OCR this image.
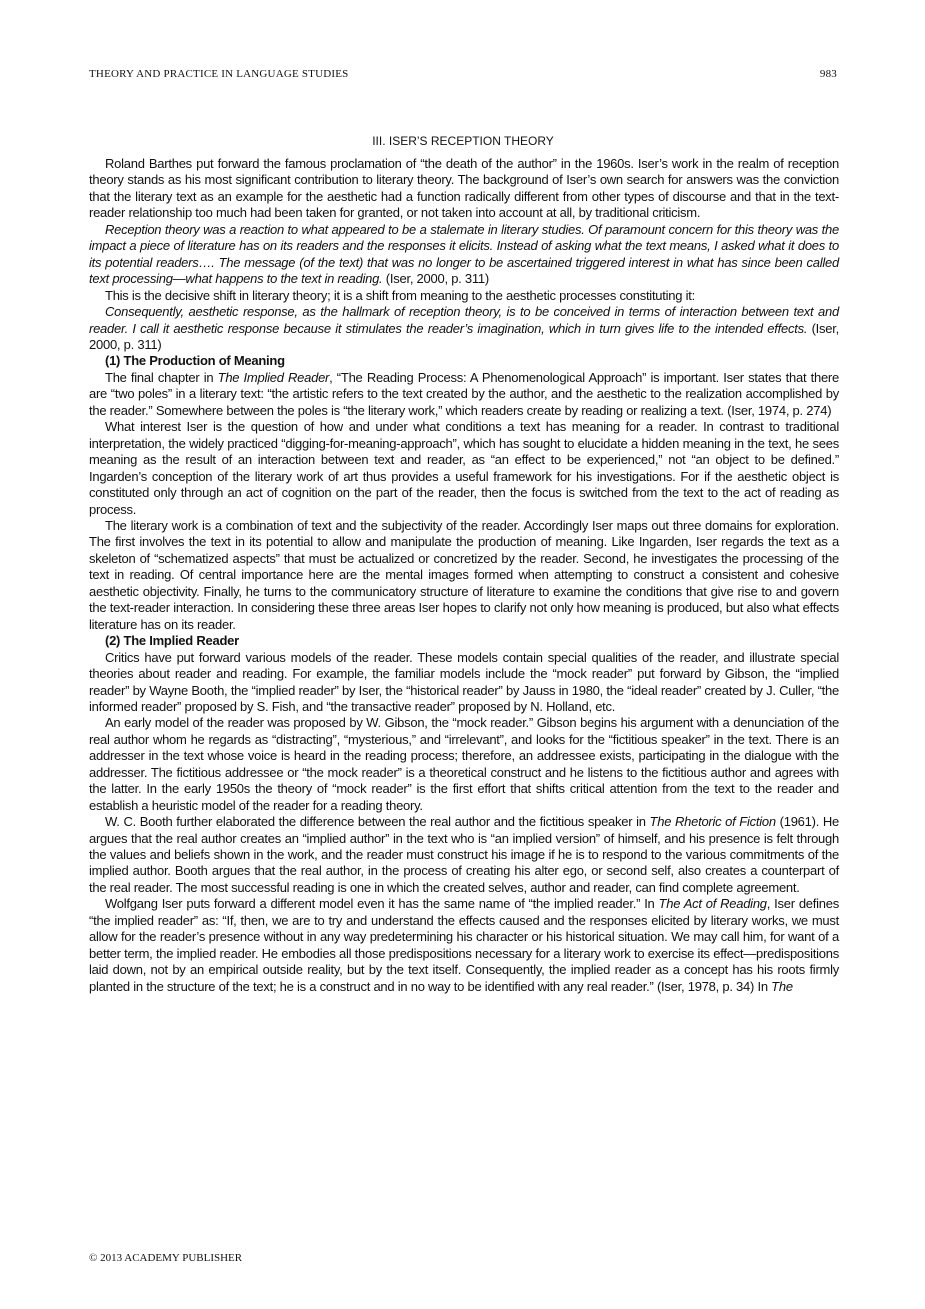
THEORY AND PRACTICE IN LANGUAGE STUDIES	983
III. ISER’S RECEPTION THEORY

Roland Barthes put forward the famous proclamation of “the death of the author” in the 1960s. Iser’s work in the realm of reception theory stands as his most significant contribution to literary theory. The background of Iser’s own search for answers was the conviction that the literary text as an example for the aesthetic had a function radically different from other types of discourse and that in the text-reader relationship too much had been taken for granted, or not taken into account at all, by traditional criticism.

Reception theory was a reaction to what appeared to be a stalemate in literary studies. Of paramount concern for this theory was the impact a piece of literature has on its readers and the responses it elicits. Instead of asking what the text means, I asked what it does to its potential readers…. The message (of the text) that was no longer to be ascertained triggered interest in what has since been called text processing—what happens to the text in reading. (Iser, 2000, p. 311)

This is the decisive shift in literary theory; it is a shift from meaning to the aesthetic processes constituting it:

Consequently, aesthetic response, as the hallmark of reception theory, is to be conceived in terms of interaction between text and reader. I call it aesthetic response because it stimulates the reader’s imagination, which in turn gives life to the intended effects. (Iser, 2000, p. 311)

(1) The Production of Meaning

The final chapter in The Implied Reader, “The Reading Process: A Phenomenological Approach” is important. Iser states that there are “two poles” in a literary text: “the artistic refers to the text created by the author, and the aesthetic to the realization accomplished by the reader.” Somewhere between the poles is “the literary work,” which readers create by reading or realizing a text. (Iser, 1974, p. 274)

What interest Iser is the question of how and under what conditions a text has meaning for a reader. In contrast to traditional interpretation, the widely practiced “digging-for-meaning-approach”, which has sought to elucidate a hidden meaning in the text, he sees meaning as the result of an interaction between text and reader, as “an effect to be experienced,” not “an object to be defined.” Ingarden’s conception of the literary work of art thus provides a useful framework for his investigations. For if the aesthetic object is constituted only through an act of cognition on the part of the reader, then the focus is switched from the text to the act of reading as process.

The literary work is a combination of text and the subjectivity of the reader. Accordingly Iser maps out three domains for exploration. The first involves the text in its potential to allow and manipulate the production of meaning. Like Ingarden, Iser regards the text as a skeleton of “schematized aspects” that must be actualized or concretized by the reader. Second, he investigates the processing of the text in reading. Of central importance here are the mental images formed when attempting to construct a consistent and cohesive aesthetic objectivity. Finally, he turns to the communicatory structure of literature to examine the conditions that give rise to and govern the text-reader interaction. In considering these three areas Iser hopes to clarify not only how meaning is produced, but also what effects literature has on its reader.

(2) The Implied Reader

Critics have put forward various models of the reader. These models contain special qualities of the reader, and illustrate special theories about reader and reading. For example, the familiar models include the “mock reader” put forward by Gibson, the “implied reader” by Wayne Booth, the “implied reader” by Iser, the “historical reader” by Jauss in 1980, the “ideal reader” created by J. Culler, “the informed reader” proposed by S. Fish, and “the transactive reader” proposed by N. Holland, etc.

An early model of the reader was proposed by W. Gibson, the “mock reader.” Gibson begins his argument with a denunciation of the real author whom he regards as “distracting”, “mysterious,” and “irrelevant”, and looks for the “fictitious speaker” in the text. There is an addresser in the text whose voice is heard in the reading process; therefore, an addressee exists, participating in the dialogue with the addresser. The fictitious addressee or “the mock reader” is a theoretical construct and he listens to the fictitious author and agrees with the latter. In the early 1950s the theory of “mock reader” is the first effort that shifts critical attention from the text to the reader and establish a heuristic model of the reader for a reading theory.

W. C. Booth further elaborated the difference between the real author and the fictitious speaker in The Rhetoric of Fiction (1961). He argues that the real author creates an “implied author” in the text who is “an implied version” of himself, and his presence is felt through the values and beliefs shown in the work, and the reader must construct his image if he is to respond to the various commitments of the implied author. Booth argues that the real author, in the process of creating his alter ego, or second self, also creates a counterpart of the real reader. The most successful reading is one in which the created selves, author and reader, can find complete agreement.

Wolfgang Iser puts forward a different model even it has the same name of “the implied reader.” In The Act of Reading, Iser defines “the implied reader” as: “If, then, we are to try and understand the effects caused and the responses elicited by literary works, we must allow for the reader’s presence without in any way predetermining his character or his historical situation. We may call him, for want of a better term, the implied reader. He embodies all those predispositions necessary for a literary work to exercise its effect—predispositions laid down, not by an empirical outside reality, but by the text itself. Consequently, the implied reader as a concept has his roots firmly planted in the structure of the text; he is a construct and in no way to be identified with any real reader.” (Iser, 1978, p. 34) In The

© 2013 ACADEMY PUBLISHER
